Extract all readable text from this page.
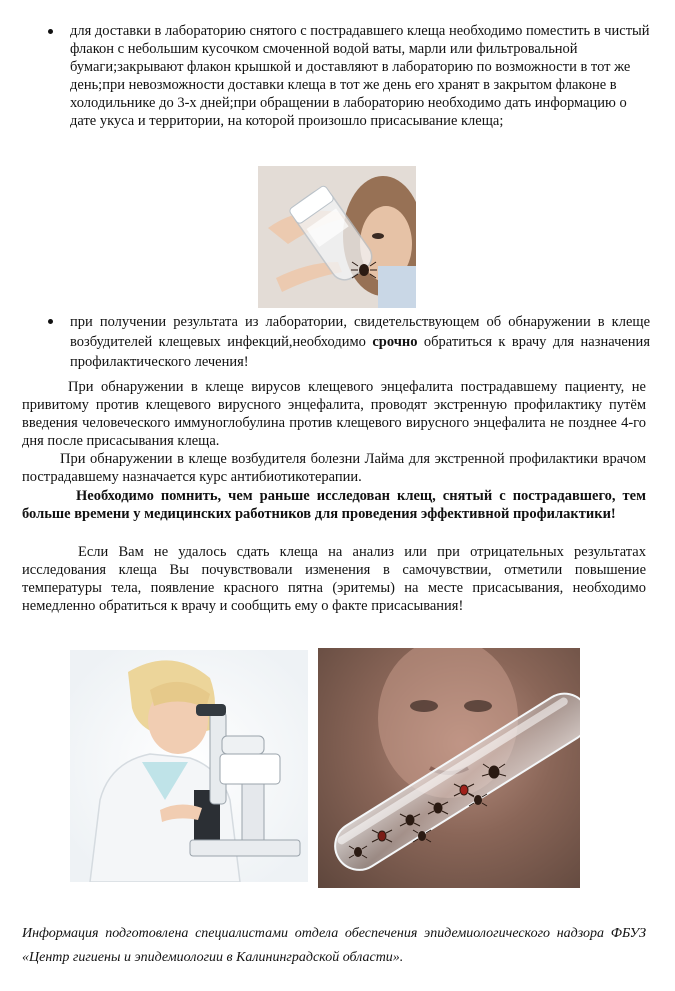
для доставки в лабораторию снятого с пострадавшего клеща необходимо поместить в чистый флакон с небольшим кусочком смоченной водой ваты, марли или фильтровальной бумаги;закрывают флакон крышкой и доставляют в лабораторию по возможности в тот же день;при невозможности доставки клеща в тот же день его хранят в закрытом флаконе в холодильнике до 3-х дней;при обращении в лабораторию необходимо дать информацию о дате укуса и территории, на которой произошло присасывание клеща;
при получении результата из лаборатории, свидетельствующем об обнаружении в клеще возбудителей клещевых инфекций,необходимо срочно обратиться к врачу для назначения профилактического лечения!

При обнаружении в клеще вирусов клещевого энцефалита пострадавшему пациенту, не привитому против клещевого вирусного энцефалита, проводят экстренную профилактику путём введения человеческого иммуноглобулина против клещевого вирусного энцефалита не позднее 4-го дня после присасывания клеща.

При обнаружении в клеще возбудителя болезни Лайма для экстренной профилактики врачом пострадавшему назначается курс антибиотикотерапии.

Необходимо помнить, чем раньше исследован клещ, снятый с пострадавшего, тем больше времени у медицинских работников для проведения эффективной профилактики!

Если Вам не удалось сдать клеща на анализ или при отрицательных результатах исследования клеща Вы почувствовали изменения в самочувствии, отметили повышение температуры тела, появление красного пятна (эритемы) на месте присасывания, необходимо немедленно обратиться к врачу и сообщить ему о факте присасывания!

Информация подготовлена специалистами отдела обеспечения эпидемиологического надзора ФБУЗ «Центр гигиены и эпидемиологии в Калининградской области».
